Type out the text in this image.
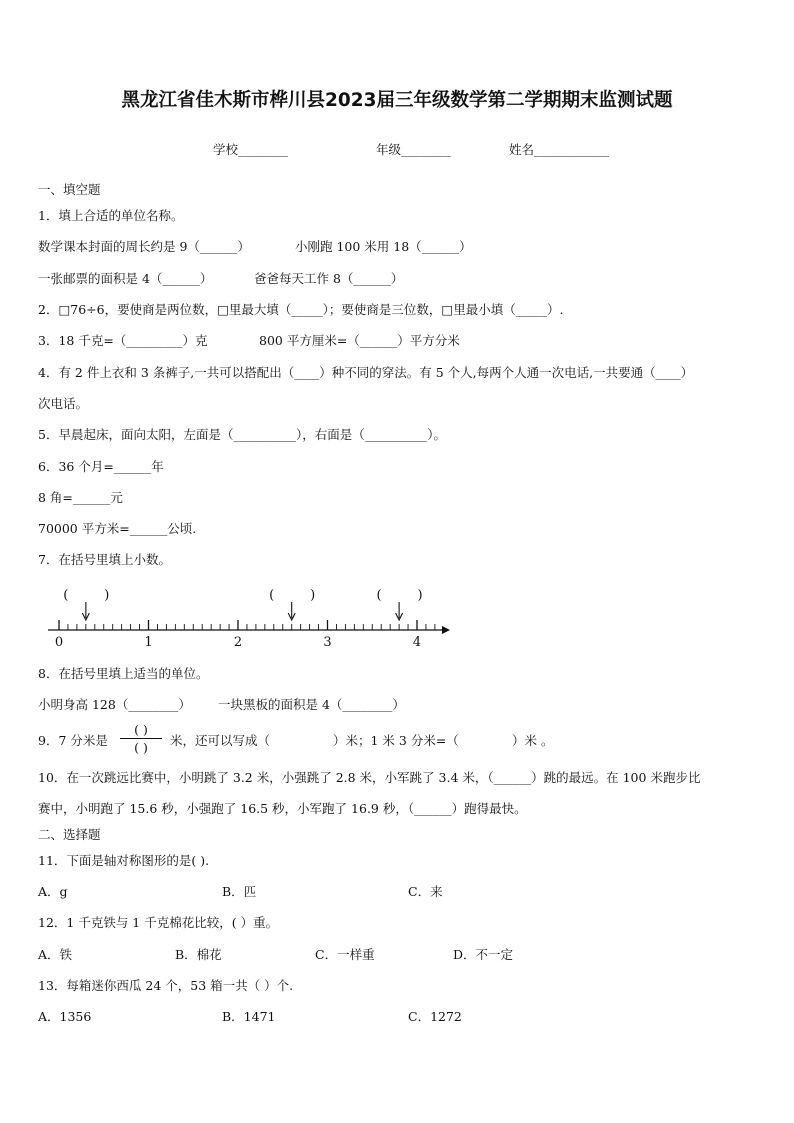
黑龙江省佳木斯市桦川县2023届三年级数学第二学期期末监测试题
学校________	年级________	姓名____________
一、填空题
1．填上合适的单位名称。
数学课本封面的周长约是 9（______）	小刚跑 100 米用 18（______）
一张邮票的面积是 4（______）	爸爸每天工作 8（______）
2．□76÷6，要使商是两位数，□里最大填（_____）；要使商是三位数，□里最小填（_____）.
3．18 千克=（_________）克	800 平方厘米=（______）平方分米
4．有 2 件上衣和 3 条裤子,一共可以搭配出（____）种不同的穿法。有 5 个人,每两个人通一次电话,一共要通（____）
次电话。
5．早晨起床，面向太阳，左面是（__________），右面是（__________）。
6．36 个月=______年
8 角=______元
70000 平方米=______公顷.
7．在括号里填上小数。
0	1	2	3	4
(	)	(	)	(	)
8．在括号里填上适当的单位。
小明身高 128（________） 一块黑板的面积是 4（________）
9．7 分米是
( )
( )	米，还可以写成（	）米；1 米 3 分米=（	）米 。
10．在一次跳远比赛中，小明跳了 3.2 米，小强跳了 2.8 米，小军跳了 3.4 米，（______）跳的最远。在 100 米跑步比
赛中，小明跑了 15.6 秒，小强跑了 16.5 秒，小军跑了 16.9 秒，（______）跑得最快。
二、选择题
11．下面是轴对称图形的是( ).
A．g	B．匹	C．来
12．1 千克铁与 1 千克棉花比较，( ）重。
A．铁	B．棉花	C．一样重	D．不一定
13．每箱迷你西瓜 24 个，53 箱一共（ ）个.
A．1356	B．1471	C．1272
